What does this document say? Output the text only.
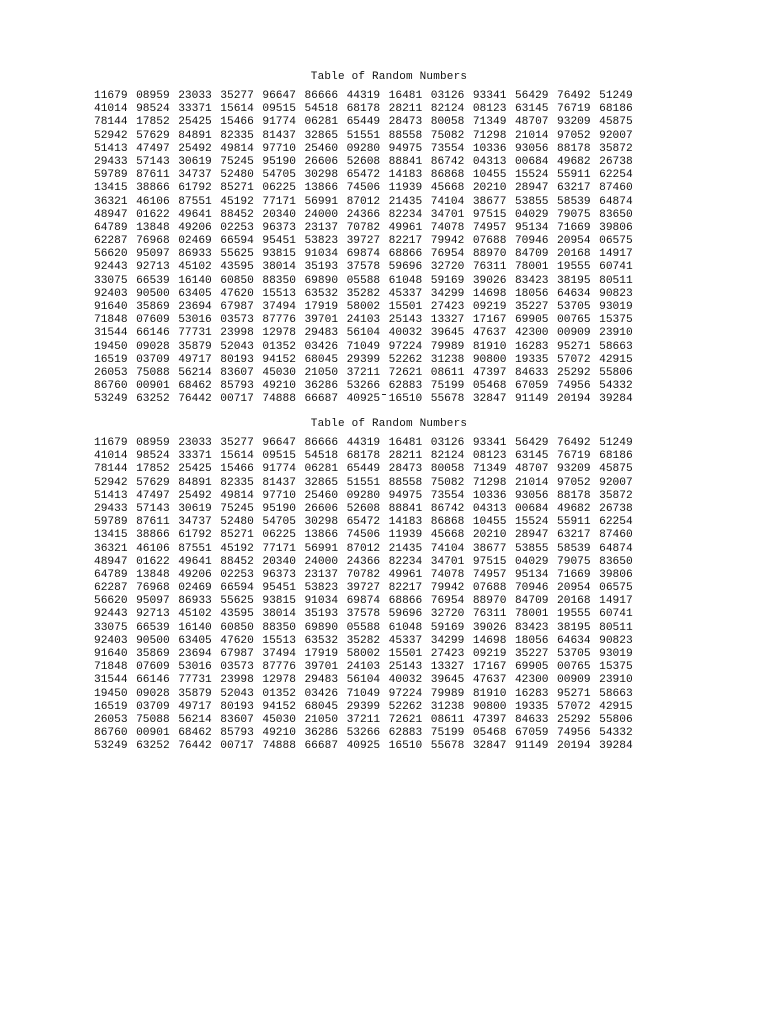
Table of Random Numbers
11679 08959 23033 35277 96647 86666 44319 16481 03126 93341 56429 76492 51249
41014 98524 33371 15614 09515 54518 68178 28211 82124 08123 63145 76719 68186
78144 17852 25425 15466 91774 06281 65449 28473 80058 71349 48707 93209 45875
52942 57629 84891 82335 81437 32865 51551 88558 75082 71298 21014 97052 92007
51413 47497 25492 49814 97710 25460 09280 94975 73554 10336 93056 88178 35872
29433 57143 30619 75245 95190 26606 52608 88841 86742 04313 00684 49682 26738
59789 87611 34737 52480 54705 30298 65472 14183 86868 10455 15524 55911 62254
13415 38866 61792 85271 06225 13866 74506 11939 45668 20210 28947 63217 87460
36321 46106 87551 45192 77171 56991 87012 21435 74104 38677 53855 58539 64874
48947 01622 49641 88452 20340 24000 24366 82234 34701 97515 04029 79075 83650
64789 13848 49206 02253 96373 23137 70782 49961 74078 74957 95134 71669 39806
62287 76968 02469 66594 95451 53823 39727 82217 79942 07688 70946 20954 06575
56620 95097 86933 55625 93815 91034 69874 68866 76954 88970 84709 20168 14917
92443 92713 45102 43595 38014 35193 37578 59696 32720 76311 78001 19555 60741
33075 66539 16140 60850 88350 69890 05588 61048 59169 39026 83423 38195 80511
92403 90500 63405 47620 15513 63532 35282 45337 34299 14698 18056 64634 90823
91640 35869 23694 67987 37494 17919 58002 15501 27423 09219 35227 53705 93019
71848 07609 53016 03573 87776 39701 24103 25143 13327 17167 69905 00765 15375
31544 66146 77731 23998 12978 29483 56104 40032 39645 47637 42300 00909 23910
19450 09028 35879 52043 01352 03426 71049 97224 79989 81910 16283 95271 58663
16519 03709 49717 80193 94152 68045 29399 52262 31238 90800 19335 57072 42915
26053 75088 56214 83607 45030 21050 37211 72621 08611 47397 84633 25292 55806
86760 00901 68462 85793 49210 36286 53266 62883 75199 05468 67059 74956 54332
53249 63252 76442 00717 74888 66687 40925 16510 55678 32847 91149 20194 39284
Table of Random Numbers
11679 08959 23033 35277 96647 86666 44319 16481 03126 93341 56429 76492 51249
41014 98524 33371 15614 09515 54518 68178 28211 82124 08123 63145 76719 68186
78144 17852 25425 15466 91774 06281 65449 28473 80058 71349 48707 93209 45875
52942 57629 84891 82335 81437 32865 51551 88558 75082 71298 21014 97052 92007
51413 47497 25492 49814 97710 25460 09280 94975 73554 10336 93056 88178 35872
29433 57143 30619 75245 95190 26606 52608 88841 86742 04313 00684 49682 26738
59789 87611 34737 52480 54705 30298 65472 14183 86868 10455 15524 55911 62254
13415 38866 61792 85271 06225 13866 74506 11939 45668 20210 28947 63217 87460
36321 46106 87551 45192 77171 56991 87012 21435 74104 38677 53855 58539 64874
48947 01622 49641 88452 20340 24000 24366 82234 34701 97515 04029 79075 83650
64789 13848 49206 02253 96373 23137 70782 49961 74078 74957 95134 71669 39806
62287 76968 02469 66594 95451 53823 39727 82217 79942 07688 70946 20954 06575
56620 95097 86933 55625 93815 91034 69874 68866 76954 88970 84709 20168 14917
92443 92713 45102 43595 38014 35193 37578 59696 32720 76311 78001 19555 60741
33075 66539 16140 60850 88350 69890 05588 61048 59169 39026 83423 38195 80511
92403 90500 63405 47620 15513 63532 35282 45337 34299 14698 18056 64634 90823
91640 35869 23694 67987 37494 17919 58002 15501 27423 09219 35227 53705 93019
71848 07609 53016 03573 87776 39701 24103 25143 13327 17167 69905 00765 15375
31544 66146 77731 23998 12978 29483 56104 40032 39645 47637 42300 00909 23910
19450 09028 35879 52043 01352 03426 71049 97224 79989 81910 16283 95271 58663
16519 03709 49717 80193 94152 68045 29399 52262 31238 90800 19335 57072 42915
26053 75088 56214 83607 45030 21050 37211 72621 08611 47397 84633 25292 55806
86760 00901 68462 85793 49210 36286 53266 62883 75199 05468 67059 74956 54332
53249 63252 76442 00717 74888 66687 40925 16510 55678 32847 91149 20194 39284
